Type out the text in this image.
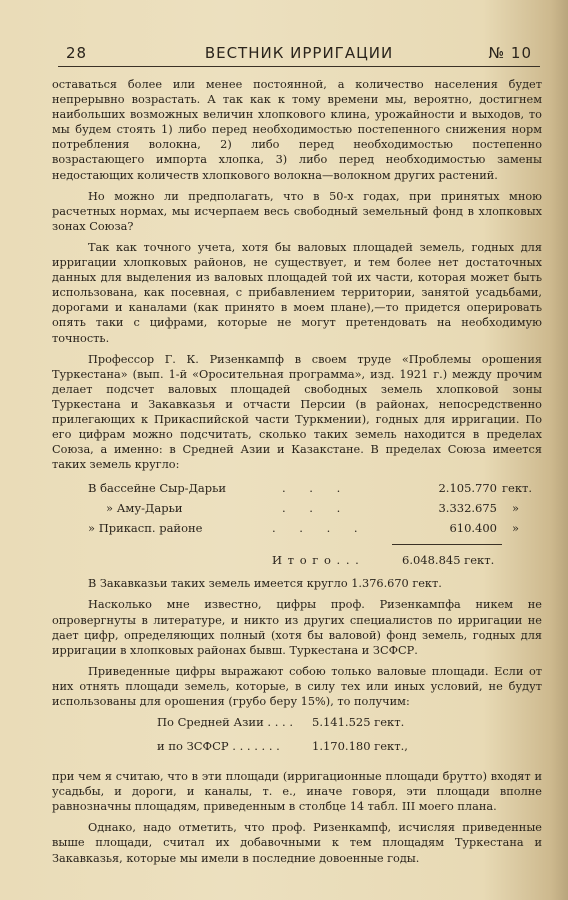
28	ВЕСТНИК ИРРИГАЦИИ	№ 10

оставаться более или менее постоянной, а количество населения будет непрерывно возрастать. А так как к тому времени мы, вероятно, достигнем наибольших возможных величин хлопкового клина, урожайности и выходов, то мы будем стоять 1) либо перед необходимостью постепенного снижения норм потребления волокна, 2) либо перед необходимостью постепенно возрастающего импорта хлопка, 3) либо перед необходимостью замены недостающих количеств хлопкового волокна—волокном других растений.

Но можно ли предполагать, что в 50-х годах, при принятых мною расчетных нормах, мы исчерпаем весь свободный земельный фонд в хлопковых зонах Союза?

Так как точного учета, хотя бы валовых площадей земель, годных для ирригации хлопковых районов, не существует, и тем более нет достаточных данных для выделения из валовых площадей той их части, которая может быть использована, как посевная, с прибавлением территории, занятой усадьбами, дорогами и каналами (как принято в моем плане),—то придется оперировать опять таки с цифрами, которые не могут претендовать на необходимую точность.

Профессор Г. К. Ризенкампф в своем труде «Проблемы орошения Туркестана» (вып. 1-й «Оросительная программа», изд. 1921 г.) между прочим делает подсчет валовых площадей свободных земель хлопковой зоны Туркестана и Закавказья и отчасти Персии (в районах, непосредственно прилегающих к Прикаспийской части Туркмении), годных для ирригации. По его цифрам можно подсчитать, сколько таких земель находится в пределах Союза, а именно: в Средней Азии и Казакстане. В пределах Союза имеется таких земель кругло:

В бассейне Сыр-Дарьи	. . .	2.105.770 гект.
» Аму-Дарьи	. . .	3.332.675 »
» Прикасп. районе	. . . .	610.400 »
И т о г о . . .	6.048.845 гект.

В Закавказьи таких земель имеется кругло 1.376.670 гект.

Насколько мне известно, цифры проф. Ризенкампфа никем не опровергнуты в литературе, и никто из других специалистов по ирригации не дает цифр, определяющих полный (хотя бы валовой) фонд земель, годных для ирригации в хлопковых районах бывш. Туркестана и ЗСФСР.

Приведенные цифры выражают собою только валовые площади. Если от них отнять площади земель, которые, в силу тех или иных условий, не будут использованы для орошения (грубо беру 15%), то получим:

По Средней Азии . . . . 5.141.525 гект.
и по ЗСФСР . . . . . . .	1.170.180 гект.,

при чем я считаю, что в эти площади (ирригационные площади брутто) входят и усадьбы, и дороги, и каналы, т. е., иначе говоря, эти площади вполне равнозначны площадям, приведенным в столбце 14 табл. III моего плана.

Однако, надо отметить, что проф. Ризенкампф, исчисляя приведенные выше площади, считал их добавочными к тем площадям Туркестана и Закавказья, которые мы имели в последние довоенные годы.
